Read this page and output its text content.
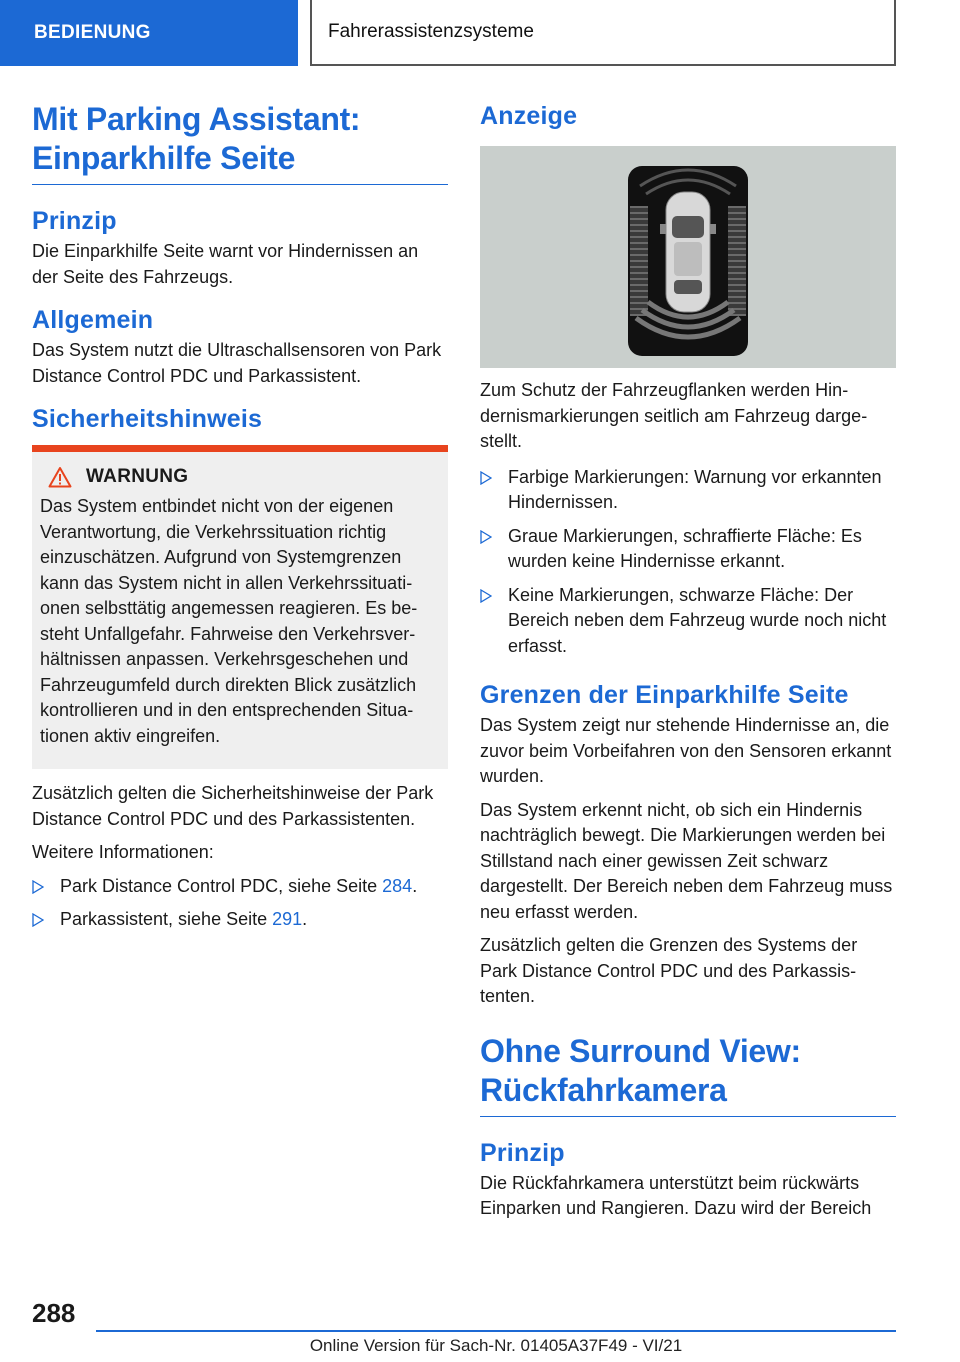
BEDIENUNG	Fahrerassistenzsysteme
Mit Parking Assistant:
Einparkhilfe Seite
Prinzip

Die Einparkhilfe Seite warnt vor Hindernissen an der Seite des Fahrzeugs.

Allgemein

Das System nutzt die Ultraschallsensoren von Park Distance Control PDC und Parkassistent.

Sicherheitshinweis
WARNUNG
Das System entbindet nicht von der eigenen Verantwortung, die Verkehrssituation richtig einzuschätzen. Aufgrund von Systemgrenzen kann das System nicht in allen Verkehrssituationen selbsttätig angemessen reagieren. Es besteht Unfallgefahr. Fahrweise den Verkehrsverhältnissen anpassen. Verkehrsgeschehen und Fahrzeugumfeld durch direkten Blick zusätzlich kontrollieren und in den entsprechenden Situationen aktiv eingreifen.

Zusätzlich gelten die Sicherheitshinweise der Park Distance Control PDC und des Parkassistenten.

Weitere Informationen:

Park Distance Control PDC, siehe Seite 284.
Parkassistent, siehe Seite 291.
Anzeige

Zum Schutz der Fahrzeugflanken werden Hindernismarkierungen seitlich am Fahrzeug dargestellt.

Farbige Markierungen: Warnung vor erkannten Hindernissen.
Graue Markierungen, schraffierte Fläche: Es wurden keine Hindernisse erkannt.
Keine Markierungen, schwarze Fläche: Der Bereich neben dem Fahrzeug wurde noch nicht erfasst.
Grenzen der Einparkhilfe Seite

Das System zeigt nur stehende Hindernisse an, die zuvor beim Vorbeifahren von den Sensoren erkannt wurden.

Das System erkennt nicht, ob sich ein Hindernis nachträglich bewegt. Die Markierungen werden bei Stillstand nach einer gewissen Zeit schwarz dargestellt. Der Bereich neben dem Fahrzeug muss neu erfasst werden.

Zusätzlich gelten die Grenzen des Systems der Park Distance Control PDC und des Parkassistenten.

Ohne Surround View:
Rückfahrkamera
Prinzip

Die Rückfahrkamera unterstützt beim rückwärts Einparken und Rangieren. Dazu wird der Bereich

288
Online Version für Sach-Nr. 01405A37F49 - VI/21
